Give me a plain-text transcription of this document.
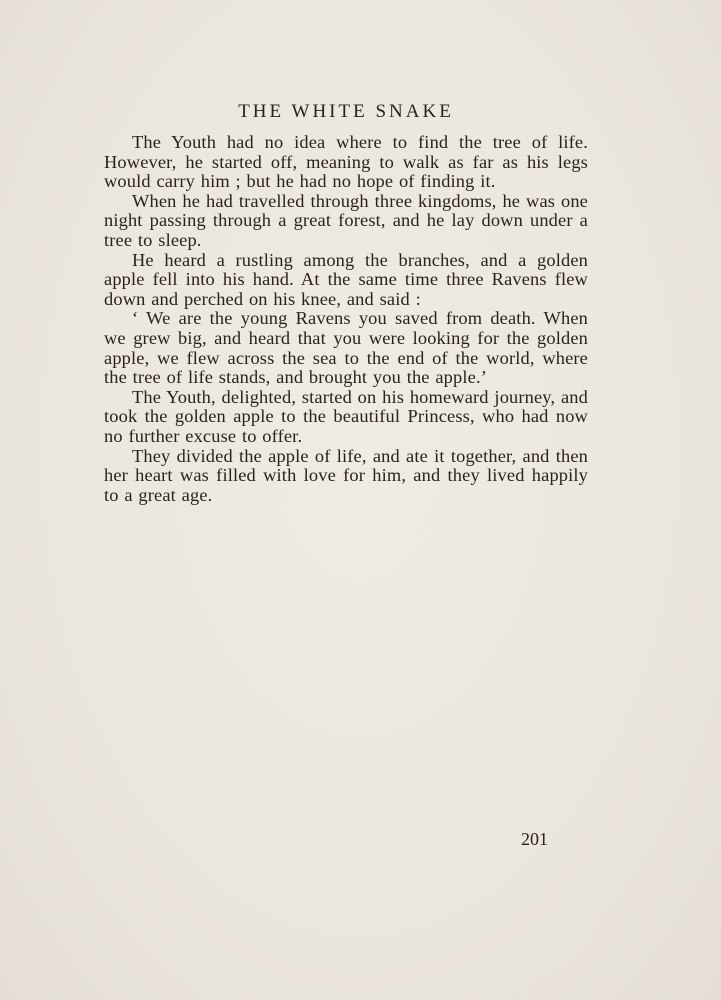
THE WHITE SNAKE

The Youth had no idea where to find the tree of life. However, he started off, meaning to walk as far as his legs would carry him ; but he had no hope of finding it.

When he had travelled through three kingdoms, he was one night passing through a great forest, and he lay down under a tree to sleep.

He heard a rustling among the branches, and a golden apple fell into his hand. At the same time three Ravens flew down and perched on his knee, and said :

‘ We are the young Ravens you saved from death. When we grew big, and heard that you were looking for the golden apple, we flew across the sea to the end of the world, where the tree of life stands, and brought you the apple.’

The Youth, delighted, started on his homeward journey, and took the golden apple to the beautiful Princess, who had now no further excuse to offer.

They divided the apple of life, and ate it together, and then her heart was filled with love for him, and they lived happily to a great age.

201
